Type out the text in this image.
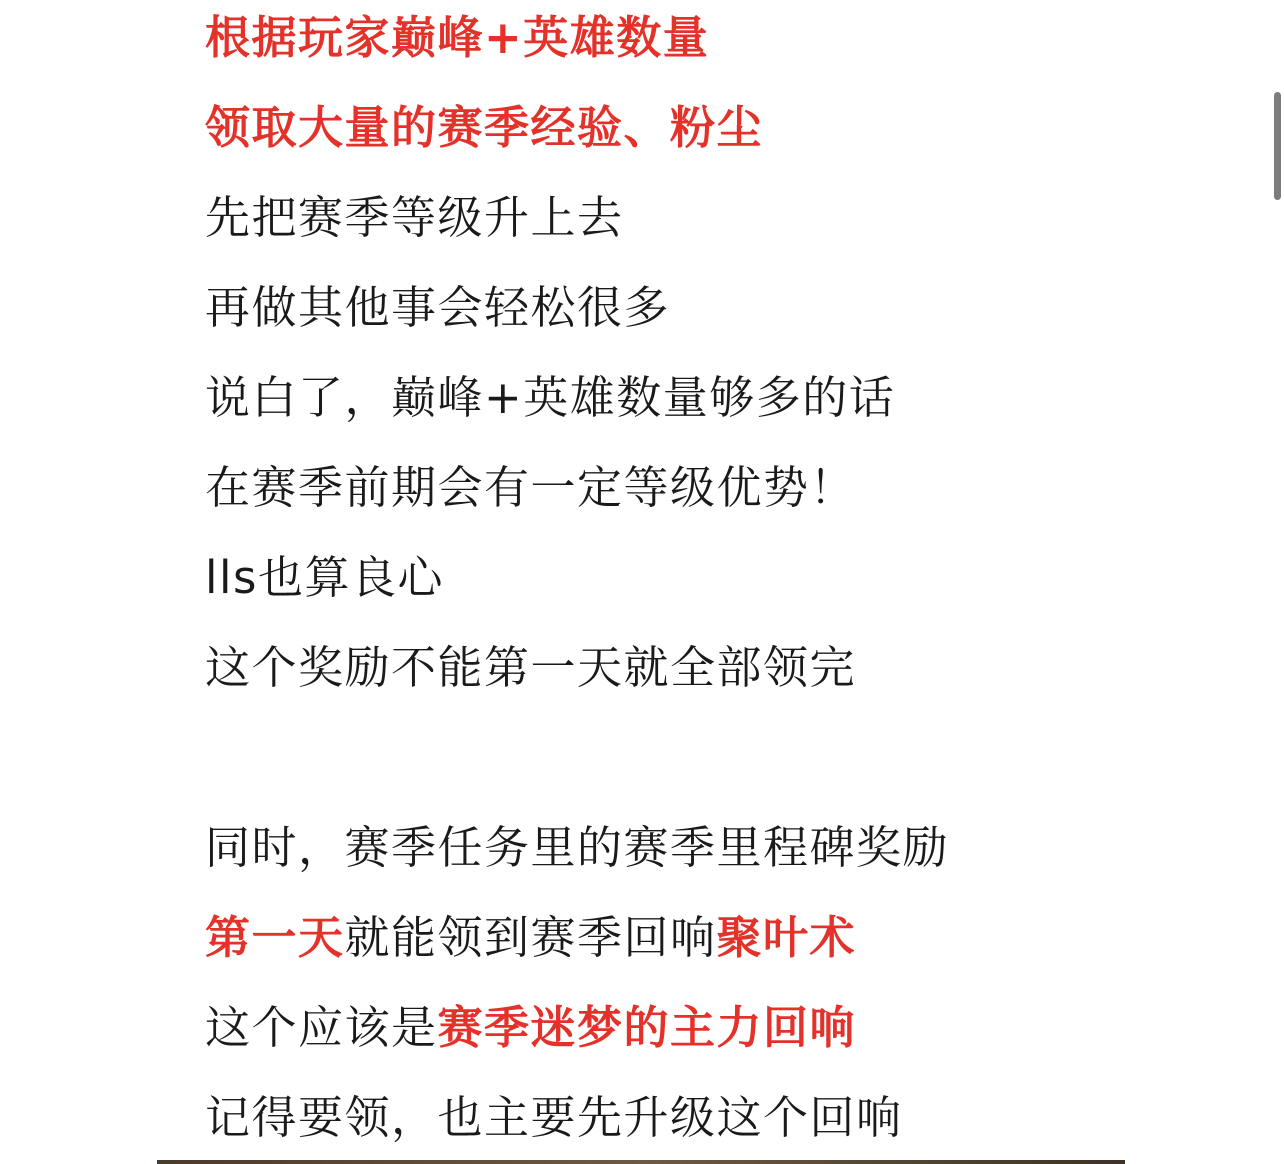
根据玩家巅峰+英雄数量
领取大量的赛季经验、粉尘
先把赛季等级升上去
再做其他事会轻松很多
说白了，巅峰+英雄数量够多的话
在赛季前期会有一定等级优势！
lls也算良心
这个奖励不能第一天就全部领完
同时，赛季任务里的赛季里程碑奖励
第一天就能领到赛季回响聚叶术
这个应该是赛季迷梦的主力回响
记得要领，也主要先升级这个回响
